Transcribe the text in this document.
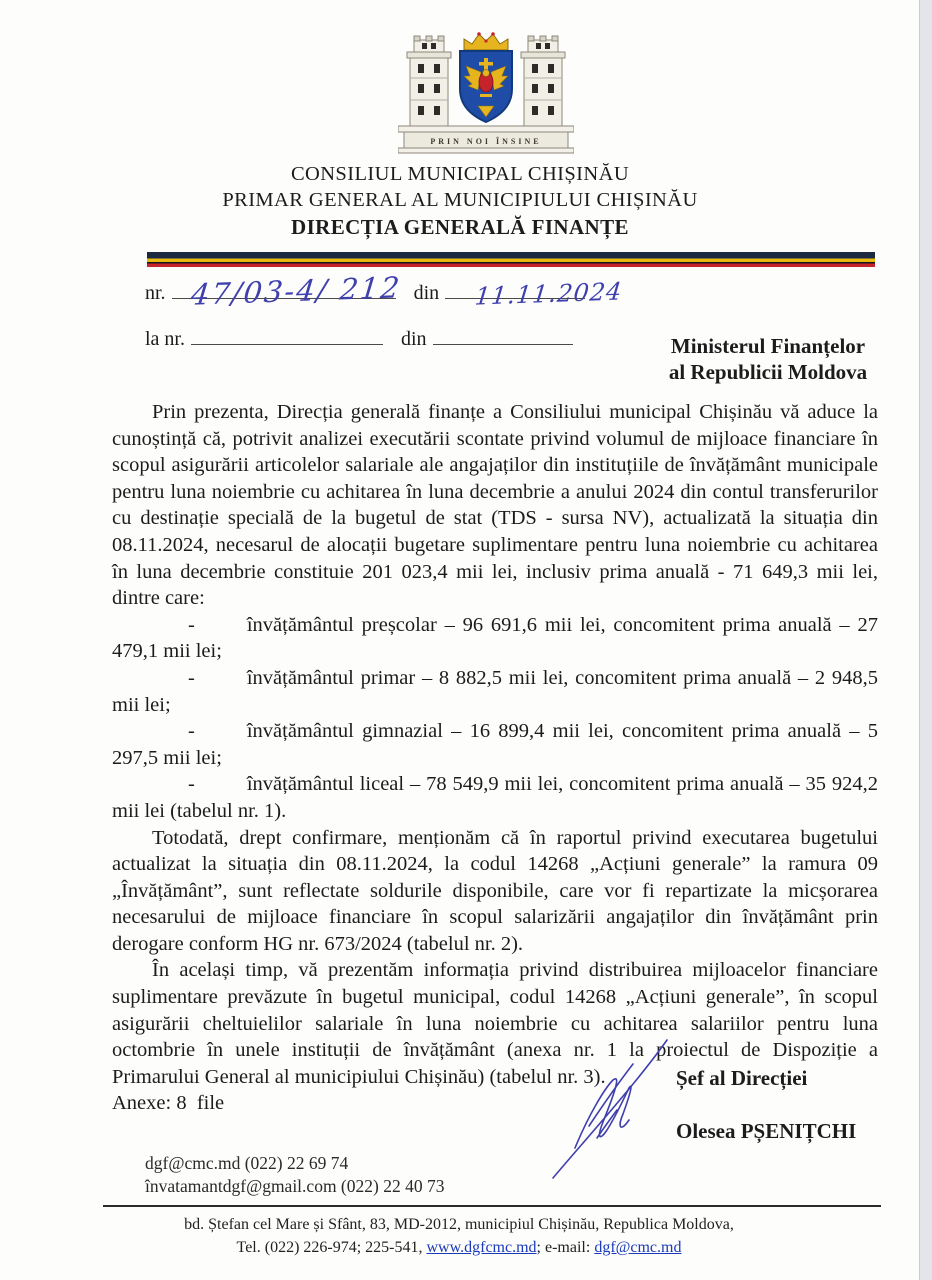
PRIN NOI ÎNSINE
CONSILIUL MUNICIPAL CHIȘINĂU
PRIMAR GENERAL AL MUNICIPIULUI CHIȘINĂU
DIRECȚIA GENERALĂ FINANȚE
nr.	din
la nr.	din
47/03-4/ 212	11.11.2024
Ministerul Finanțelor
al Republicii Moldova

Prin prezenta, Direcția generală finanțe a Consiliului municipal Chișinău vă aduce la cunoștință că, potrivit analizei executării scontate privind volumul de mijloace financiare în scopul asigurării articolelor salariale ale angajaților din instituțiile de învățământ municipale pentru luna noiembrie cu achitarea în luna decembrie a anului 2024 din contul transferurilor cu destinație specială de la bugetul de stat (TDS - sursa NV), actualizată la situația din 08.11.2024, necesarul de alocații bugetare suplimentare pentru luna noiembrie cu achitarea în luna decembrie constituie 201 023,4 mii lei, inclusiv prima anuală - 71 649,3 mii lei, dintre care:

-	învățământul preșcolar – 96 691,6 mii lei, concomitent prima anuală – 27 479,1 mii lei;

-	învățământul primar – 8 882,5 mii lei, concomitent prima anuală – 2 948,5 mii lei;

-	învățământul gimnazial – 16 899,4 mii lei, concomitent prima anuală – 5 297,5 mii lei;

-	învățământul liceal – 78 549,9 mii lei, concomitent prima anuală – 35 924,2 mii lei (tabelul nr. 1).

Totodată, drept confirmare, menționăm că în raportul privind executarea bugetului actualizat la situația din 08.11.2024, la codul 14268 „Acțiuni generale” la ramura 09 „Învățământ”, sunt reflectate soldurile disponibile, care vor fi repartizate la micșorarea necesarului de mijloace financiare în scopul salarizării angajaților din învățământ prin derogare conform HG nr. 673/2024 (tabelul nr. 2).

În același timp, vă prezentăm informația privind distribuirea mijloacelor financiare suplimentare prevăzute în bugetul municipal, codul 14268 „Acțiuni generale”, în scopul asigurării cheltuielilor salariale în luna noiembrie cu achitarea salariilor pentru luna octombrie în unele instituții de învățământ (anexa nr. 1 la proiectul de Dispoziție a Primarului General al municipiului Chișinău) (tabelul nr. 3).

Anexe: 8  file

Șef al Direcției
Olesea PȘENIȚCHI
dgf@cmc.md (022) 22 69 74
învatamantdgf@gmail.com (022) 22 40 73
bd. Ștefan cel Mare și Sfânt, 83, MD-2012, municipiul Chișinău, Republica Moldova,
Tel. (022) 226-974; 225-541, www.dgfcmc.md; e-mail: dgf@cmc.md
